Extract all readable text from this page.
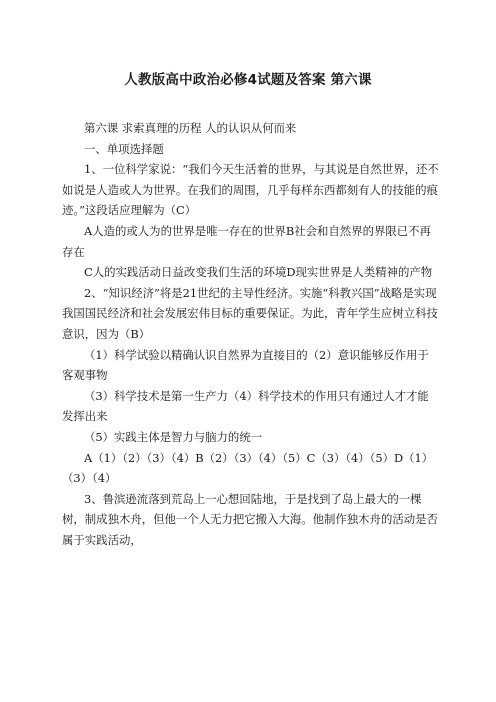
人教版高中政治必修4试题及答案 第六课

第六课 求索真理的历程 人的认识从何而来

一、单项选择题

1、一位科学家说：“我们今天生活着的世界，与其说是自然世界，还不如说是人造或人为世界。在我们的周围，几乎每样东西都刻有人的技能的痕迹。”这段话应理解为（C）

A人造的或人为的世界是唯一存在的世界B社会和自然界的界限已不再存在

C人的实践活动日益改变我们生活的环境D现实世界是人类精神的产物

2、“知识经济”将是21世纪的主导性经济。实施“科教兴国”战略是实现我国国民经济和社会发展宏伟目标的重要保证。为此，青年学生应树立科技意识，因为（B）

（1）科学试验以精确认识自然界为直接目的（2）意识能够反作用于客观事物

（3）科学技术是第一生产力（4）科学技术的作用只有通过人才才能发挥出来

（5）实践主体是智力与脑力的统一

A（1）（2）（3）（4）B（2）（3）（4）（5）C（3）（4）（5）D（1）（3）（4）

3、鲁滨逊流落到荒岛上一心想回陆地，于是找到了岛上最大的一棵树，制成独木舟，但他一个人无力把它搬入大海。他制作独木舟的活动是否属于实践活动，
